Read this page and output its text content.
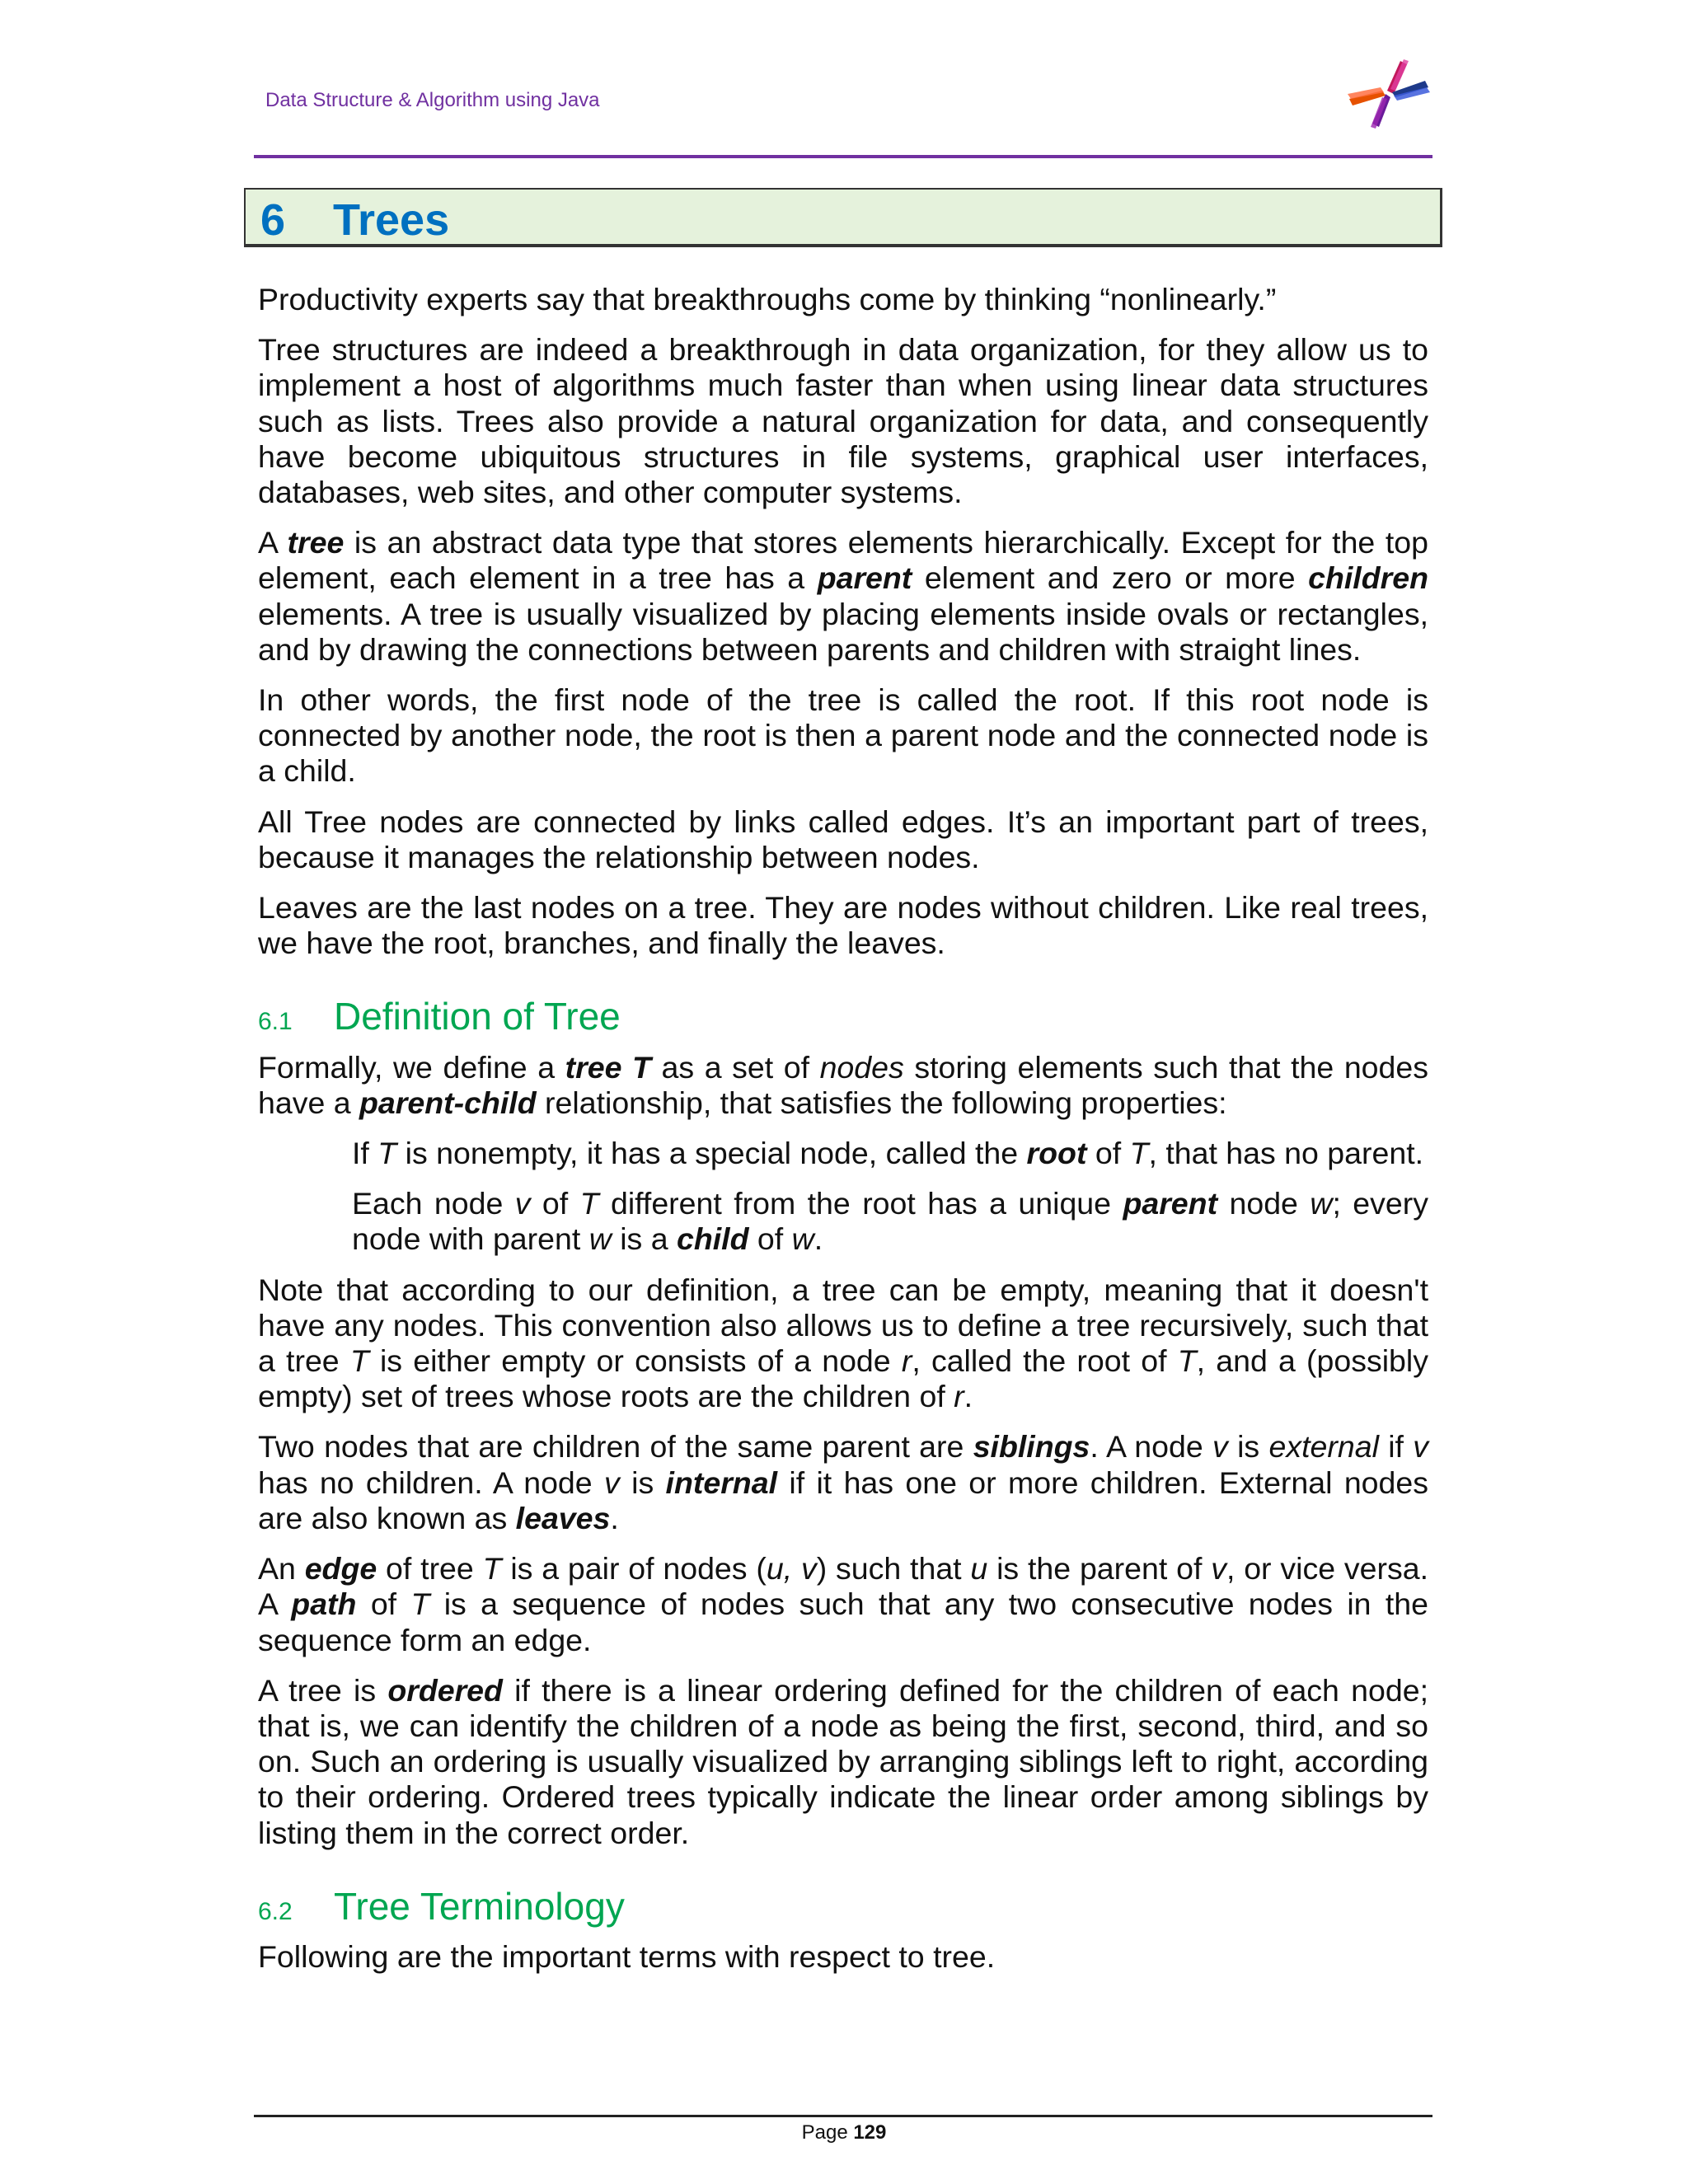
Data Structure & Algorithm using Java
6 Trees

Productivity experts say that breakthroughs come by thinking “nonlinearly.”

Tree structures are indeed a breakthrough in data organization, for they allow us to implement a host of algorithms much faster than when using linear data structures such as lists. Trees also provide a natural organization for data, and consequently have become ubiquitous structures in file systems, graphical user interfaces, databases, web sites, and other computer systems.

A tree is an abstract data type that stores elements hierarchically. Except for the top element, each element in a tree has a parent element and zero or more children elements. A tree is usually visualized by placing elements inside ovals or rectangles, and by drawing the connections between parents and children with straight lines.

In other words, the first node of the tree is called the root. If this root node is connected by another node, the root is then a parent node and the connected node is a child.

All Tree nodes are connected by links called edges. It’s an important part of trees, because it manages the relationship between nodes.

Leaves are the last nodes on a tree. They are nodes without children. Like real trees, we have the root, branches, and finally the leaves.

6.1	Definition of Tree

Formally, we define a tree T as a set of nodes storing elements such that the nodes have a parent-child relationship, that satisfies the following properties:

If T is nonempty, it has a special node, called the root of T, that has no parent.

Each node v of T different from the root has a unique parent node w; every node with parent w is a child of w.

Note that according to our definition, a tree can be empty, meaning that it doesn't have any nodes. This convention also allows us to define a tree recursively, such that a tree T is either empty or consists of a node r, called the root of T, and a (possibly empty) set of trees whose roots are the children of r.

Two nodes that are children of the same parent are siblings. A node v is external if v has no children. A node v is internal if it has one or more children. External nodes are also known as leaves.

An edge of tree T is a pair of nodes (u, v) such that u is the parent of v, or vice versa. A path of T is a sequence of nodes such that any two consecutive nodes in the sequence form an edge.

A tree is ordered if there is a linear ordering defined for the children of each node; that is, we can identify the children of a node as being the first, second, third, and so on. Such an ordering is usually visualized by arranging siblings left to right, according to their ordering. Ordered trees typically indicate the linear order among siblings by listing them in the correct order.

6.2	Tree Terminology

Following are the important terms with respect to tree.

Page 129
